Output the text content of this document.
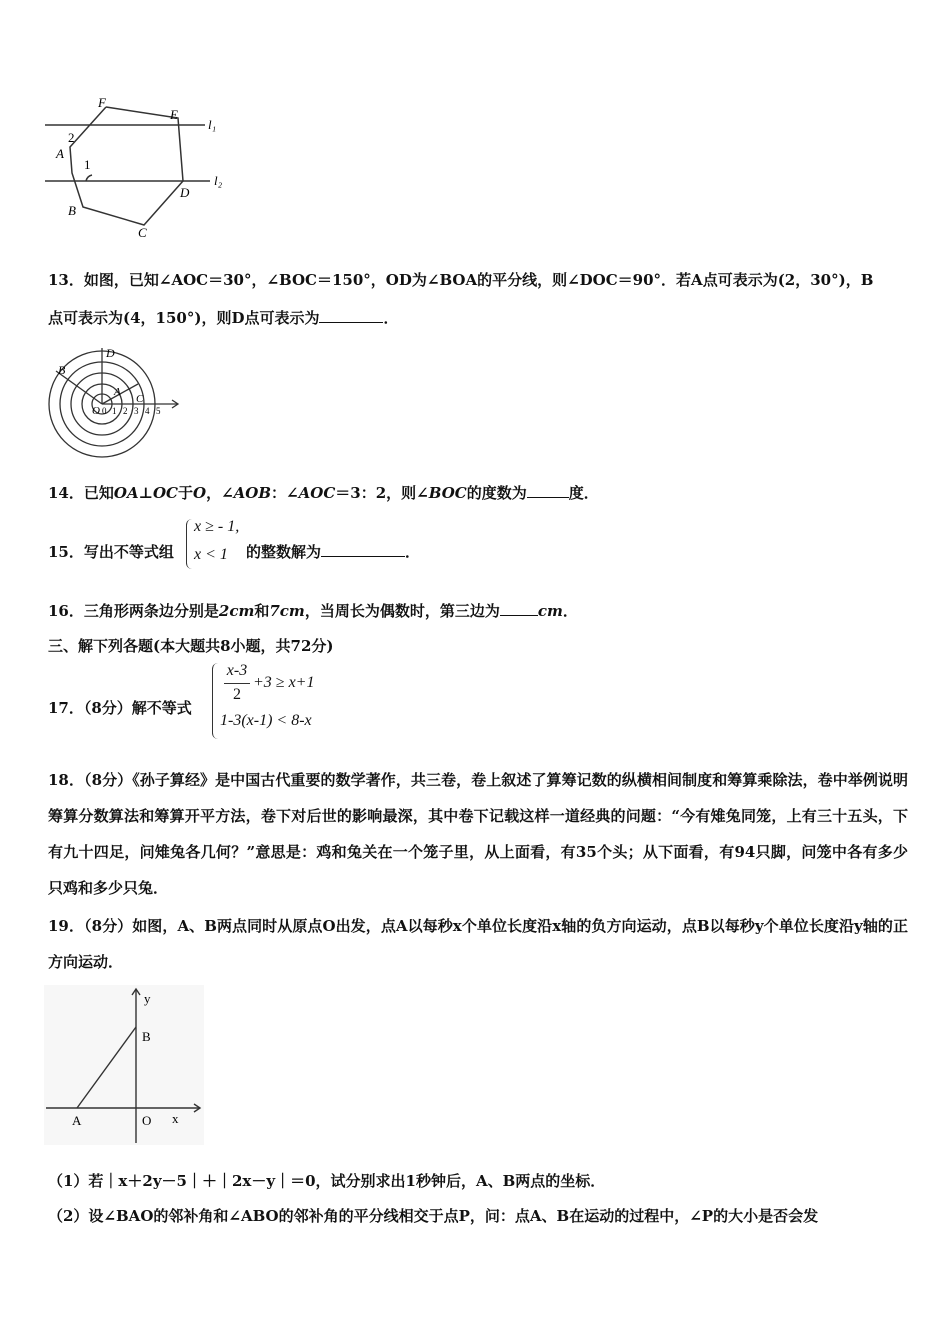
F
E
l₁
l₂
A
B
C
D
1
2
13．如图，已知∠AOC＝30°，∠BOC＝150°，OD为∠BOA的平分线，则∠DOC＝90°．若A点可表示为(2，30°)，B
点可表示为(4，150°)，则D点可表示为	．
D
B
A
C
O 0 1 2 3 4 5
14．已知OA⊥OC于O，∠AOB：∠AOC＝3：2，则∠BOC的度数为	度．
15．写出不等式组
x ≥ - 1,
x < 1 的整数解为	．
16．三角形两条边分别是2cm和7cm，当周长为偶数时，第三边为	cm．
三、解下列各题(本大题共8小题，共72分)
17．（8分）解不等式
x-3
2
+3 ≥ x+1
1-3(x-1) < 8-x
18．（8分）《孙子算经》是中国古代重要的数学著作，共三卷，卷上叙述了算筹记数的纵横相间制度和筹算乘除法，卷中举例说明筹算分数算法和筹算开平方法，卷下对后世的影响最深，其中卷下记载这样一道经典的问题：“今有雉兔同笼，上有三十五头，下有九十四足，问雉兔各几何？”意思是：鸡和兔关在一个笼子里，从上面看，有35个头；从下面看，有94只脚，问笼中各有多少只鸡和多少只兔．
19．（8分）如图，A、B两点同时从原点O出发，点A以每秒x个单位长度沿x轴的负方向运动，点B以每秒y个单位长度沿y轴的正方向运动．
y
B
A	O x
（1）若｜x＋2y－5｜＋｜2x－y｜＝0，试分别求出1秒钟后，A、B两点的坐标．
（2）设∠BAO的邻补角和∠ABO的邻补角的平分线相交于点P，问：点A、B在运动的过程中，∠P的大小是否会发
